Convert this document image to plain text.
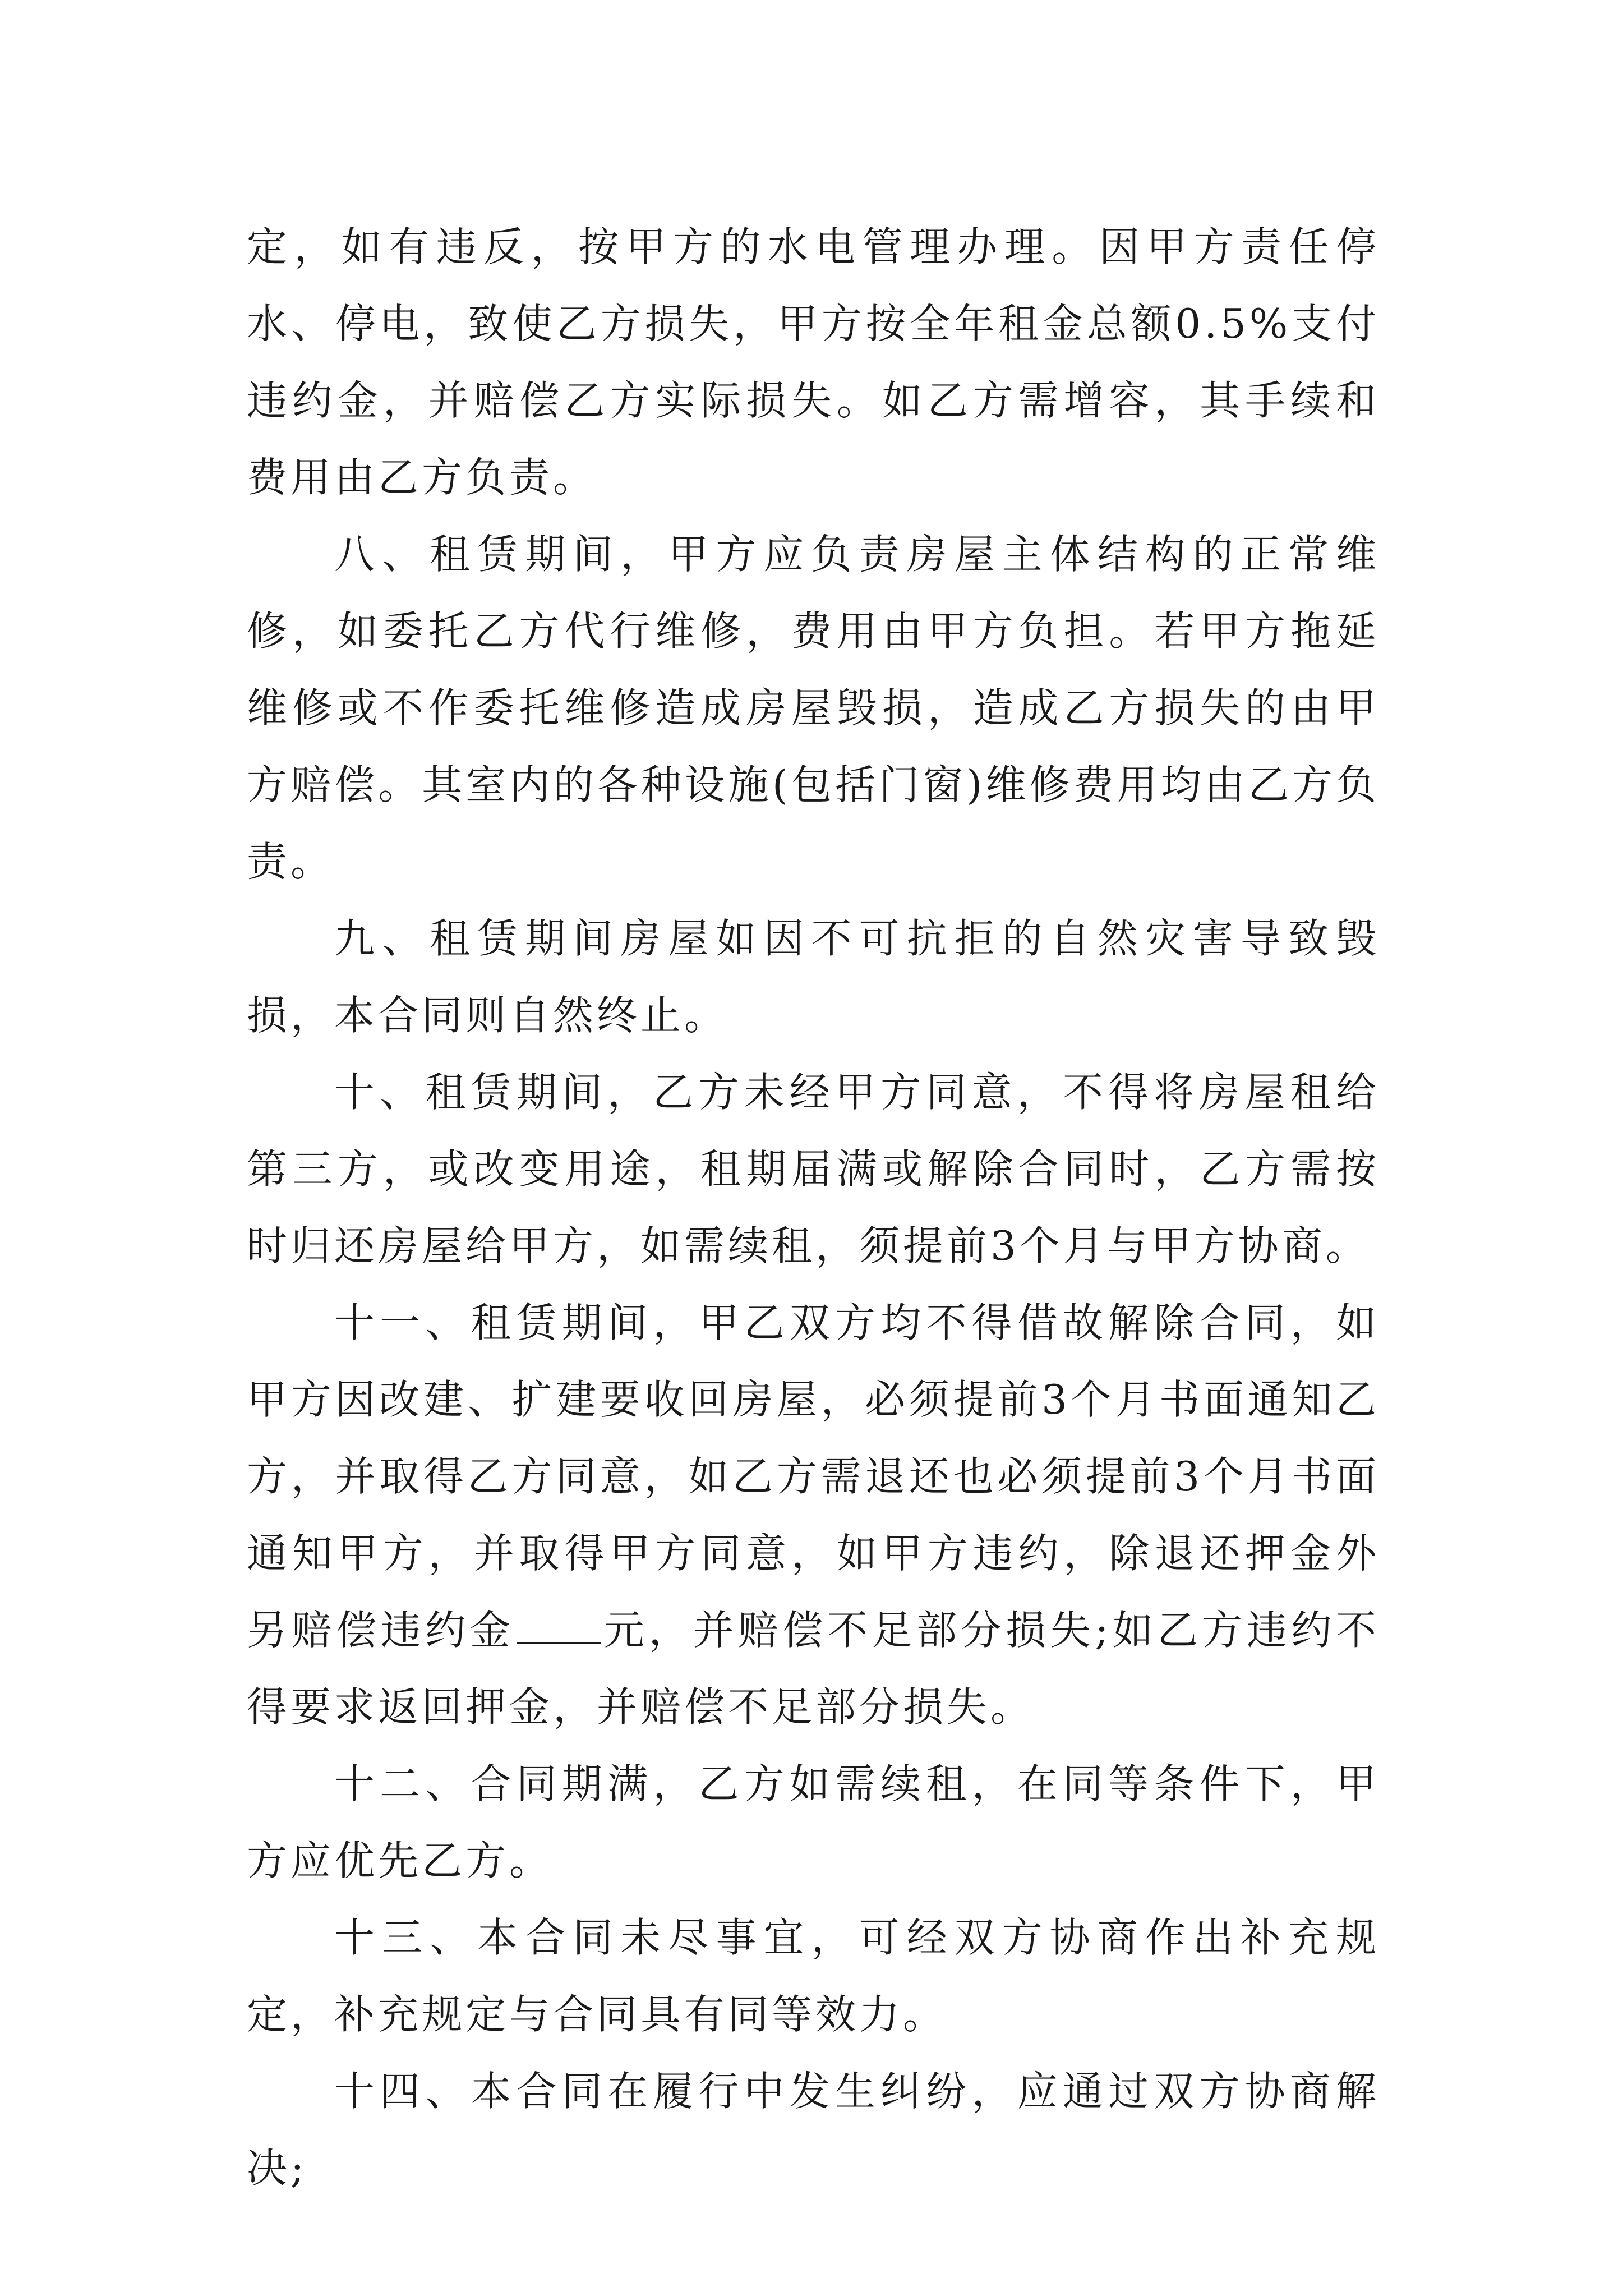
定，如有违反，按甲方的水电管理办理。因甲方责任停水、停电，致使乙方损失，甲方按全年租金总额0.5%支付违约金，并赔偿乙方实际损失。如乙方需增容，其手续和费用由乙方负责。

八、租赁期间，甲方应负责房屋主体结构的正常维修，如委托乙方代行维修，费用由甲方负担。若甲方拖延维修或不作委托维修造成房屋毁损，造成乙方损失的由甲方赔偿。其室内的各种设施(包括门窗)维修费用均由乙方负责。

九、租赁期间房屋如因不可抗拒的自然灾害导致毁损，本合同则自然终止。

十、租赁期间，乙方未经甲方同意，不得将房屋租给第三方，或改变用途，租期届满或解除合同时，乙方需按时归还房屋给甲方，如需续租，须提前3个月与甲方协商。

十一、租赁期间，甲乙双方均不得借故解除合同，如甲方因改建、扩建要收回房屋，必须提前3个月书面通知乙方，并取得乙方同意，如乙方需退还也必须提前3个月书面通知甲方，并取得甲方同意，如甲方违约，除退还押金外另赔偿违约金 元，并赔偿不足部分损失;如乙方违约不得要求返回押金，并赔偿不足部分损失。

十二、合同期满，乙方如需续租，在同等条件下，甲方应优先乙方。

十三、本合同未尽事宜，可经双方协商作出补充规定，补充规定与合同具有同等效力。

十四、本合同在履行中发生纠纷，应通过双方协商解决;
